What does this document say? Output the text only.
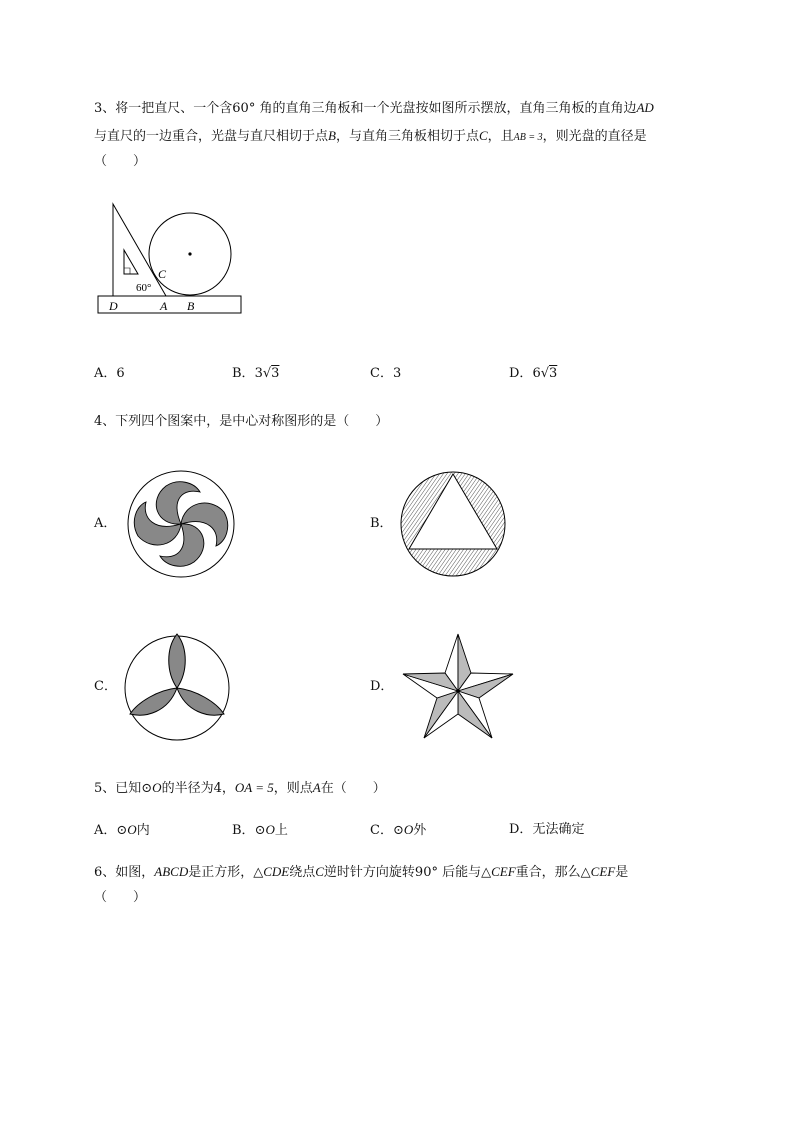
3、将一把直尺、一个含60° 角的直角三角板和一个光盘按如图所示摆放，直角三角板的直角边AD
与直尺的一边重合，光盘与直尺相切于点B，与直角三角板相切于点C，且AB = 3，则光盘的直径是
（　　）
C
60°
D	A B
A．6	B．3√3	C．3	D．6√3
4、下列四个图案中，是中心对称图形的是（　　）
A．	B．
C．	D．
5、已知⊙O的半径为4，OA = 5，则点A在（　　）
A．⊙O内	B．⊙O上	C．⊙O外	D．无法确定
6、如图，ABCD是正方形，△CDE绕点C逆时针方向旋转90° 后能与△CEF重合，那么△CEF是
（　　）
